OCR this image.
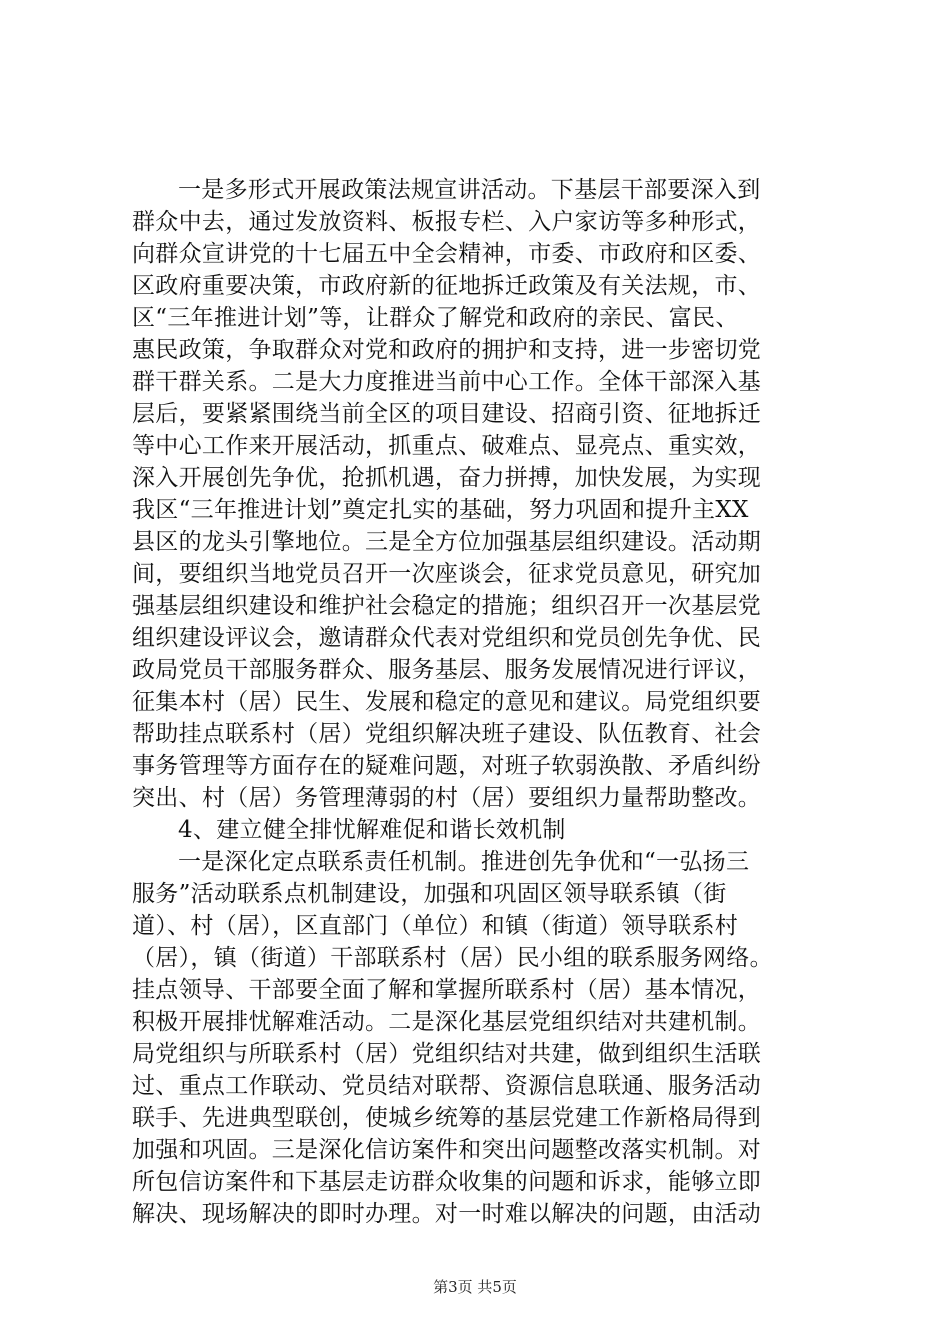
一是多形式开展政策法规宣讲活动。下基层干部要深入到
群众中去，通过发放资料、板报专栏、入户家访等多种形式，
向群众宣讲党的十七届五中全会精神，市委、市政府和区委、
区政府重要决策，市政府新的征地拆迁政策及有关法规，市、
区“三年推进计划”等，让群众了解党和政府的亲民、富民、
惠民政策，争取群众对党和政府的拥护和支持，进一步密切党
群干群关系。二是大力度推进当前中心工作。全体干部深入基
层后，要紧紧围绕当前全区的项目建设、招商引资、征地拆迁
等中心工作来开展活动，抓重点、破难点、显亮点、重实效，
深入开展创先争优，抢抓机遇，奋力拼搏，加快发展，为实现
我区“三年推进计划”奠定扎实的基础，努力巩固和提升主XX
县区的龙头引擎地位。三是全方位加强基层组织建设。活动期
间，要组织当地党员召开一次座谈会，征求党员意见，研究加
强基层组织建设和维护社会稳定的措施；组织召开一次基层党
组织建设评议会，邀请群众代表对党组织和党员创先争优、民
政局党员干部服务群众、服务基层、服务发展情况进行评议，
征集本村（居）民生、发展和稳定的意见和建议。局党组织要
帮助挂点联系村（居）党组织解决班子建设、队伍教育、社会
事务管理等方面存在的疑难问题，对班子软弱涣散、矛盾纠纷
突出、村（居）务管理薄弱的村（居）要组织力量帮助整改。
4、建立健全排忧解难促和谐长效机制
一是深化定点联系责任机制。推进创先争优和“一弘扬三
服务”活动联系点机制建设，加强和巩固区领导联系镇（街
道）、村（居），区直部门（单位）和镇（街道）领导联系村
（居），镇（街道）干部联系村（居）民小组的联系服务网络。
挂点领导、干部要全面了解和掌握所联系村（居）基本情况，
积极开展排忧解难活动。二是深化基层党组织结对共建机制。
局党组织与所联系村（居）党组织结对共建，做到组织生活联
过、重点工作联动、党员结对联帮、资源信息联通、服务活动
联手、先进典型联创，使城乡统筹的基层党建工作新格局得到
加强和巩固。三是深化信访案件和突出问题整改落实机制。对
所包信访案件和下基层走访群众收集的问题和诉求，能够立即
解决、现场解决的即时办理。对一时难以解决的问题，由活动
第3页 共5页
